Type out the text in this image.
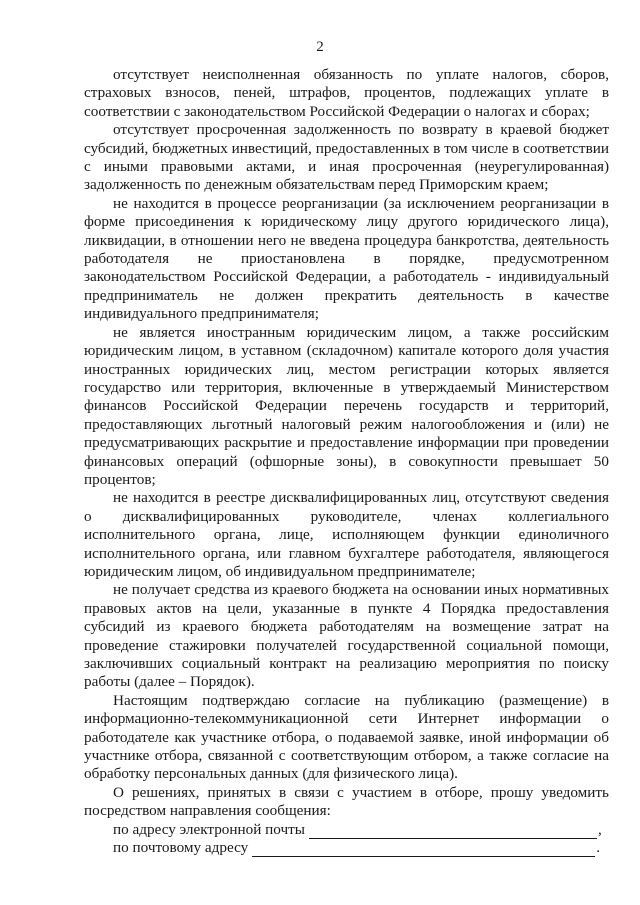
2

отсутствует неисполненная обязанность по уплате налогов, сборов, страховых взносов, пеней, штрафов, процентов, подлежащих уплате в соответствии с законодательством Российской Федерации о налогах и сборах;

отсутствует просроченная задолженность по возврату в краевой бюджет субсидий, бюджетных инвестиций, предоставленных в том числе в соответствии с иными правовыми актами, и иная просроченная (неурегулированная) задолженность по денежным обязательствам перед Приморским краем;

не находится в процессе реорганизации (за исключением реорганизации в форме присоединения к юридическому лицу другого юридического лица), ликвидации, в отношении него не введена процедура банкротства, деятельность работодателя не приостановлена в порядке, предусмотренном законодательством Российской Федерации, а работодатель - индивидуальный предприниматель не должен прекратить деятельность в качестве индивидуального предпринимателя;

не является иностранным юридическим лицом, а также российским юридическим лицом, в уставном (складочном) капитале которого доля участия иностранных юридических лиц, местом регистрации которых является государство или территория, включенные в утверждаемый Министерством финансов Российской Федерации перечень государств и территорий, предоставляющих льготный налоговый режим налогообложения и (или) не предусматривающих раскрытие и предоставление информации при проведении финансовых операций (офшорные зоны), в совокупности превышает 50 процентов;

не находится в реестре дисквалифицированных лиц, отсутствуют сведения о дисквалифицированных руководителе, членах коллегиального исполнительного органа, лице, исполняющем функции единоличного исполнительного органа, или главном бухгалтере работодателя, являющегося юридическим лицом, об индивидуальном предпринимателе;

не получает средства из краевого бюджета на основании иных нормативных правовых актов на цели, указанные в пункте 4 Порядка предоставления субсидий из краевого бюджета работодателям на возмещение затрат на проведение стажировки получателей государственной социальной помощи, заключивших социальный контракт на реализацию мероприятия по поиску работы (далее – Порядок).

Настоящим подтверждаю согласие на публикацию (размещение) в информационно-телекоммуникационной сети Интернет информации о работодателе как участнике отбора, о подаваемой заявке, иной информации об участнике отбора, связанной с соответствующим отбором, а также согласие на обработку персональных данных (для физического лица).

О решениях, принятых в связи с участием в отборе, прошу уведомить посредством направления сообщения:

по адресу электронной почты	,
по почтовому адресу	.
